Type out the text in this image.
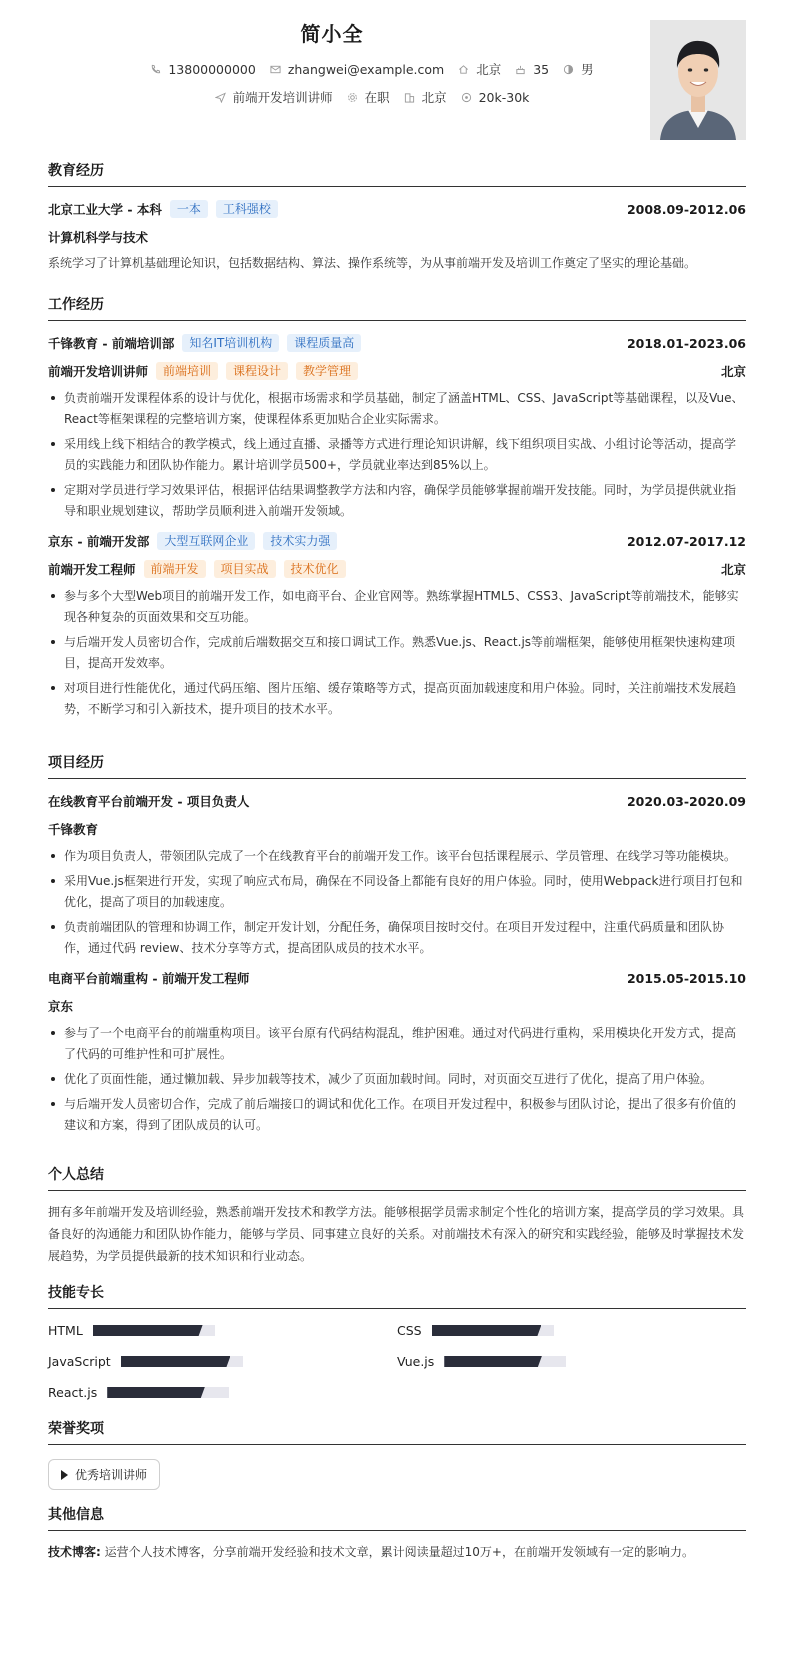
简小全
13800000000	zhangwei@example.com	北京	35	男
前端开发培训讲师	在职	北京	20k-30k
教育经历
北京工业大学 - 本科	一本	工科强校	2008.09-2012.06
计算机科学与技术

系统学习了计算机基础理论知识，包括数据结构、算法、操作系统等，为从事前端开发及培训工作奠定了坚实的理论基础。

工作经历
千锋教育 - 前端培训部	知名IT培训机构	课程质量高	2018.01-2023.06
前端开发培训讲师	前端培训	课程设计	教学管理	北京
负责前端开发课程体系的设计与优化，根据市场需求和学员基础，制定了涵盖HTML、CSS、JavaScript等基础课程，以及Vue、React等框架课程的完整培训方案，使课程体系更加贴合企业实际需求。
采用线上线下相结合的教学模式，线上通过直播、录播等方式进行理论知识讲解，线下组织项目实战、小组讨论等活动，提高学员的实践能力和团队协作能力。累计培训学员500+，学员就业率达到85%以上。
定期对学员进行学习效果评估，根据评估结果调整教学方法和内容，确保学员能够掌握前端开发技能。同时，为学员提供就业指导和职业规划建议，帮助学员顺利进入前端开发领域。
京东 - 前端开发部	大型互联网企业	技术实力强	2012.07-2017.12
前端开发工程师	前端开发	项目实战	技术优化	北京
参与多个大型Web项目的前端开发工作，如电商平台、企业官网等。熟练掌握HTML5、CSS3、JavaScript等前端技术，能够实现各种复杂的页面效果和交互功能。
与后端开发人员密切合作，完成前后端数据交互和接口调试工作。熟悉Vue.js、React.js等前端框架，能够使用框架快速构建项目，提高开发效率。
对项目进行性能优化，通过代码压缩、图片压缩、缓存策略等方式，提高页面加载速度和用户体验。同时，关注前端技术发展趋势，不断学习和引入新技术，提升项目的技术水平。
项目经历
在线教育平台前端开发 - 项目负责人	2020.03-2020.09
千锋教育
作为项目负责人，带领团队完成了一个在线教育平台的前端开发工作。该平台包括课程展示、学员管理、在线学习等功能模块。
采用Vue.js框架进行开发，实现了响应式布局，确保在不同设备上都能有良好的用户体验。同时，使用Webpack进行项目打包和优化，提高了项目的加载速度。
负责前端团队的管理和协调工作，制定开发计划，分配任务，确保项目按时交付。在项目开发过程中，注重代码质量和团队协作，通过代码 review、技术分享等方式，提高团队成员的技术水平。
电商平台前端重构 - 前端开发工程师	2015.05-2015.10
京东
参与了一个电商平台的前端重构项目。该平台原有代码结构混乱，维护困难。通过对代码进行重构，采用模块化开发方式，提高了代码的可维护性和可扩展性。
优化了页面性能，通过懒加载、异步加载等技术，减少了页面加载时间。同时，对页面交互进行了优化，提高了用户体验。
与后端开发人员密切合作，完成了前后端接口的调试和优化工作。在项目开发过程中，积极参与团队讨论，提出了很多有价值的建议和方案，得到了团队成员的认可。
个人总结

拥有多年前端开发及培训经验，熟悉前端开发技术和教学方法。能够根据学员需求制定个性化的培训方案，提高学员的学习效果。具备良好的沟通能力和团队协作能力，能够与学员、同事建立良好的关系。对前端技术有深入的研究和实践经验，能够及时掌握技术发展趋势，为学员提供最新的技术知识和行业动态。

技能专长
HTML	CSS
JavaScript	Vue.js
React.js
荣誉奖项
优秀培训讲师
其他信息
技术博客: 运营个人技术博客，分享前端开发经验和技术文章，累计阅读量超过10万+，在前端开发领域有一定的影响力。
